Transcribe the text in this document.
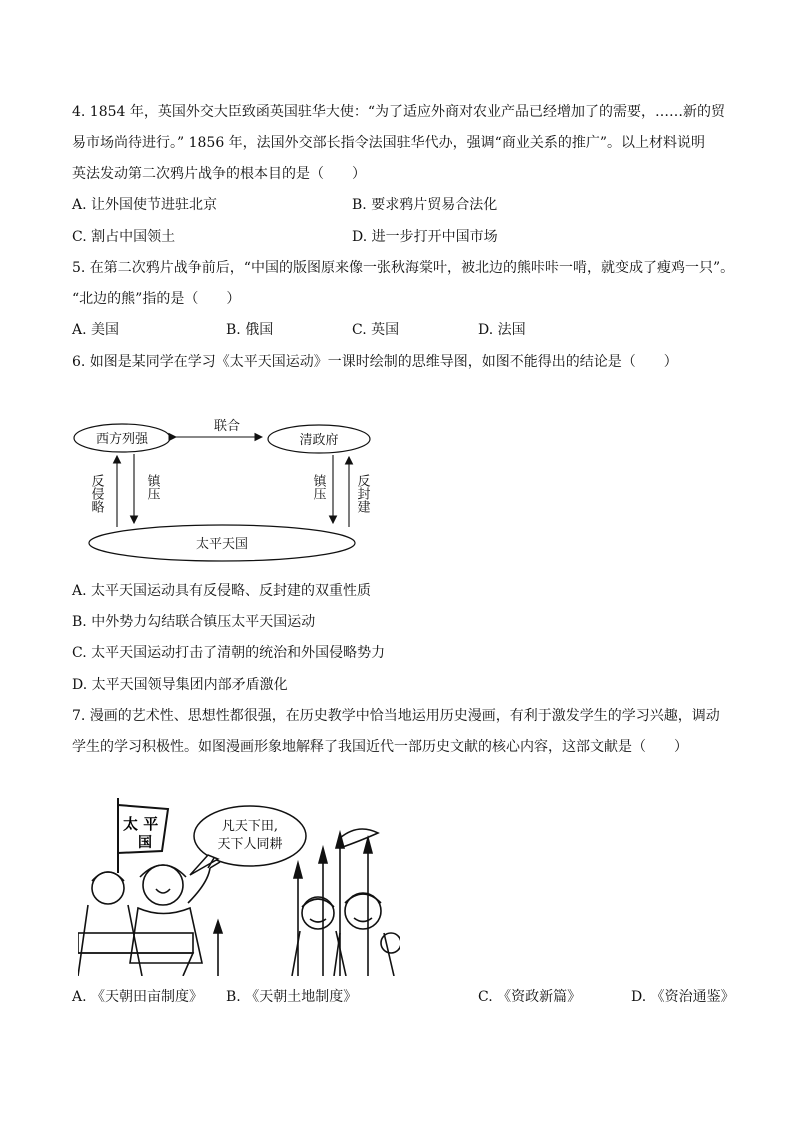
4. 1854 年，英国外交大臣致函英国驻华大使：“为了适应外商对农业产品已经增加了的需要，……新的贸
易市场尚待进行。” 1856 年，法国外交部长指令法国驻华代办，强调“商业关系的推广”。以上材料说明
英法发动第二次鸦片战争的根本目的是（　　）
A. 让外国使节进驻北京	B. 要求鸦片贸易合法化
C. 割占中国领土	D. 进一步打开中国市场
5. 在第二次鸦片战争前后，“中国的版图原来像一张秋海棠叶，被北边的熊咔咔一啃，就变成了瘦鸡一只”。
“北边的熊”指的是（　　）
A. 美国	B. 俄国	C. 英国	D. 法国
6. 如图是某同学在学习《太平天国运动》一课时绘制的思维导图，如图不能得出的结论是（　　）
西方列强	清政府
太平天国
联合
反侵略	镇压	镇压 反封建
A. 太平天国运动具有反侵略、反封建的双重性质
B. 中外势力勾结联合镇压太平天国运动
C. 太平天国运动打击了清朝的统治和外国侵略势力
D. 太平天国领导集团内部矛盾激化
7. 漫画的艺术性、思想性都很强，在历史教学中恰当地运用历史漫画，有利于激发学生的学习兴趣，调动
学生的学习积极性。如图漫画形象地解释了我国近代一部历史文献的核心内容，这部文献是（　　）
太 平
国
凡天下田,
天下人同耕
A. 《天朝田亩制度》 B. 《天朝土地制度》	C. 《资政新篇》	D. 《资治通鉴》
